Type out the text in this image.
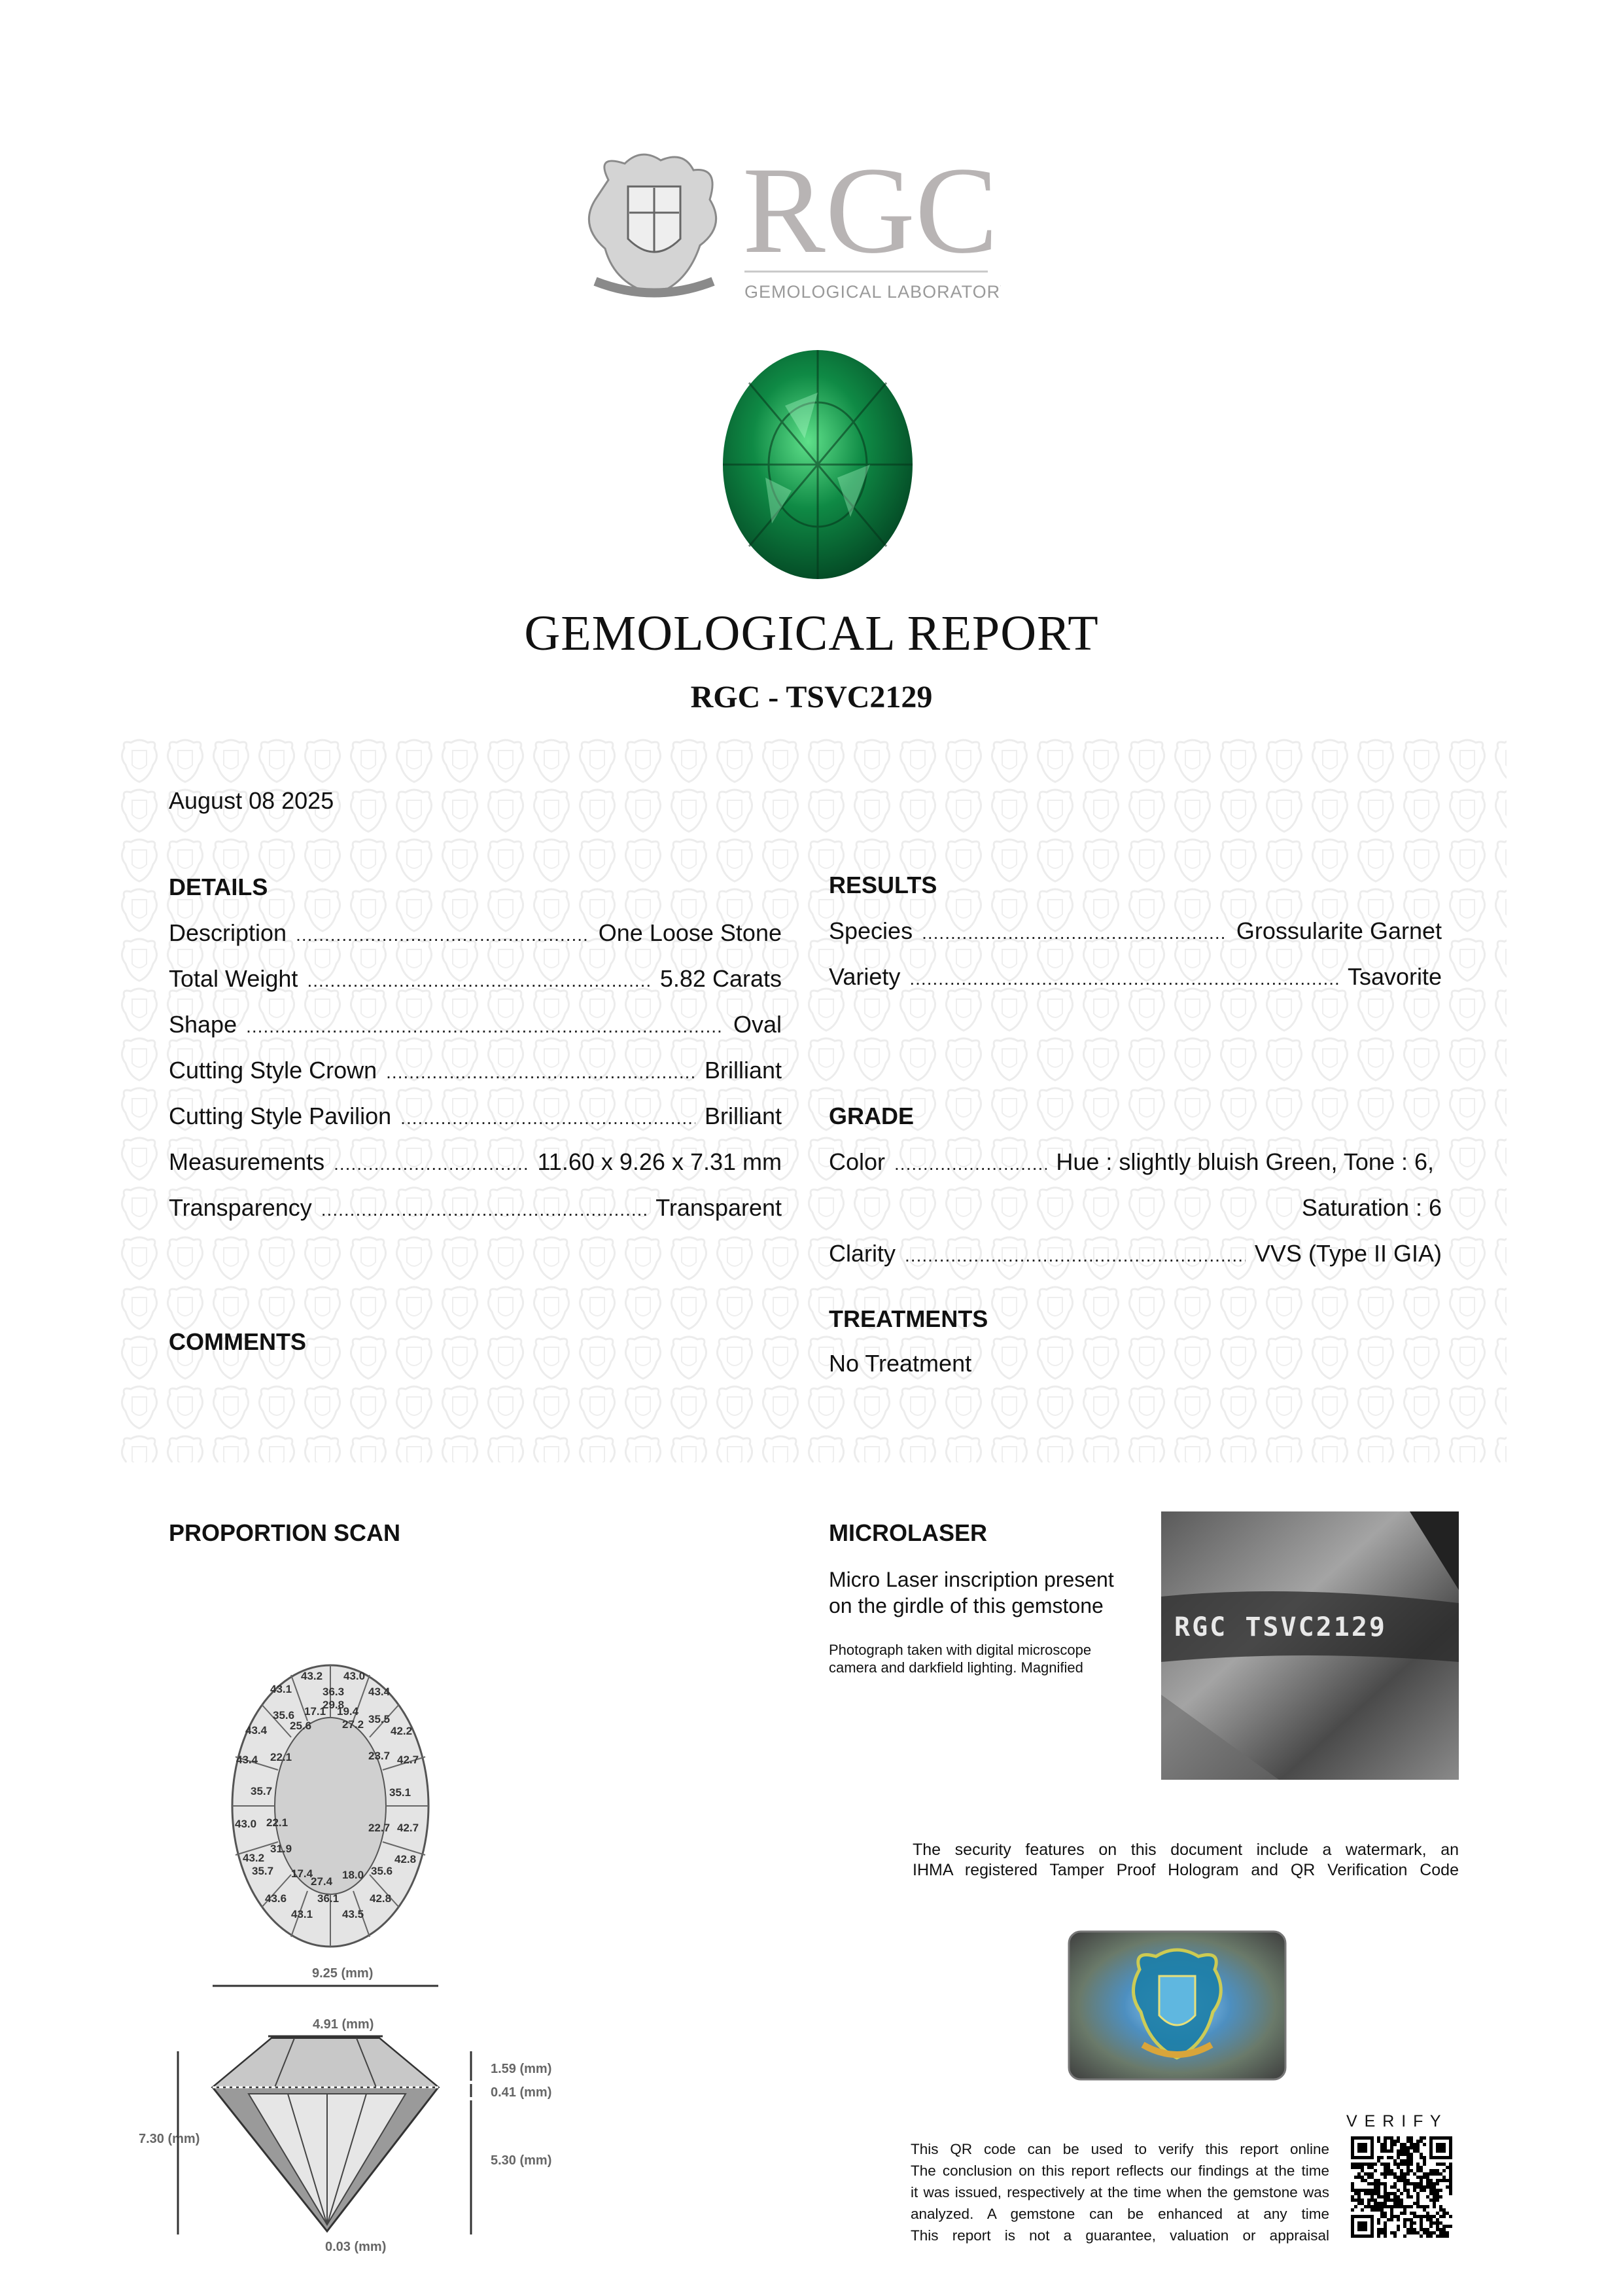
RGC
GEMOLOGICAL LABORATORY
GEMOLOGICAL REPORT
RGC - TSVC2129
August 08 2025
DETAILS
Description .....	One Loose Stone
Total Weight .....	5.82 Carats
Shape .....	Oval
Cutting Style Crown .....	Brilliant
Cutting Style Pavilion .....	Brilliant
Measurements .....	11.60 x 9.26 x 7.31 mm
Transparency .....	Transparent
COMMENTS
RESULTS
Species .....	Grossularite Garnet
Variety .....	Tsavorite
GRADE
Color .....	Hue : slightly bluish Green, Tone : 6,
Saturation : 6
Clarity .....	VVS (Type II GIA)
TREATMENTS
No Treatment
PROPORTION SCAN
43.2 43.0
36.3
43.1	43.4
35.6 17.1
29.8
19.4
35.5
25.6	27.2
42.2
43.4
23.7
22.1	42.7
43.4
35.7	35.1
43.0 22.1	22.7 42.7
31.9
43.2	42.8
35.7 17.4	18.0 35.6
27.4
43.6	36.1
43.1	43.5
42.8
9.25 (mm)
4.91 (mm)
1.59 (mm)
0.41 (mm)
5.30 (mm)
7.30 (mm)
0.03 (mm)
MICROLASER
Micro Laser inscription present
on the girdle of this gemstone
Photograph taken with digital microscope
camera and darkfield lighting. Magnified
RGC TSVC2129
The security features on this document include a watermark, an
IHMA registered Tamper Proof Hologram and QR Verification Code
V E R I F Y
This QR code can be used to verify this report online
The conclusion on this report reflects our findings at the time
it was issued, respectively at the time when the gemstone was
analyzed. A gemstone can be enhanced at any time
This report is not a guarantee, valuation or appraisal
